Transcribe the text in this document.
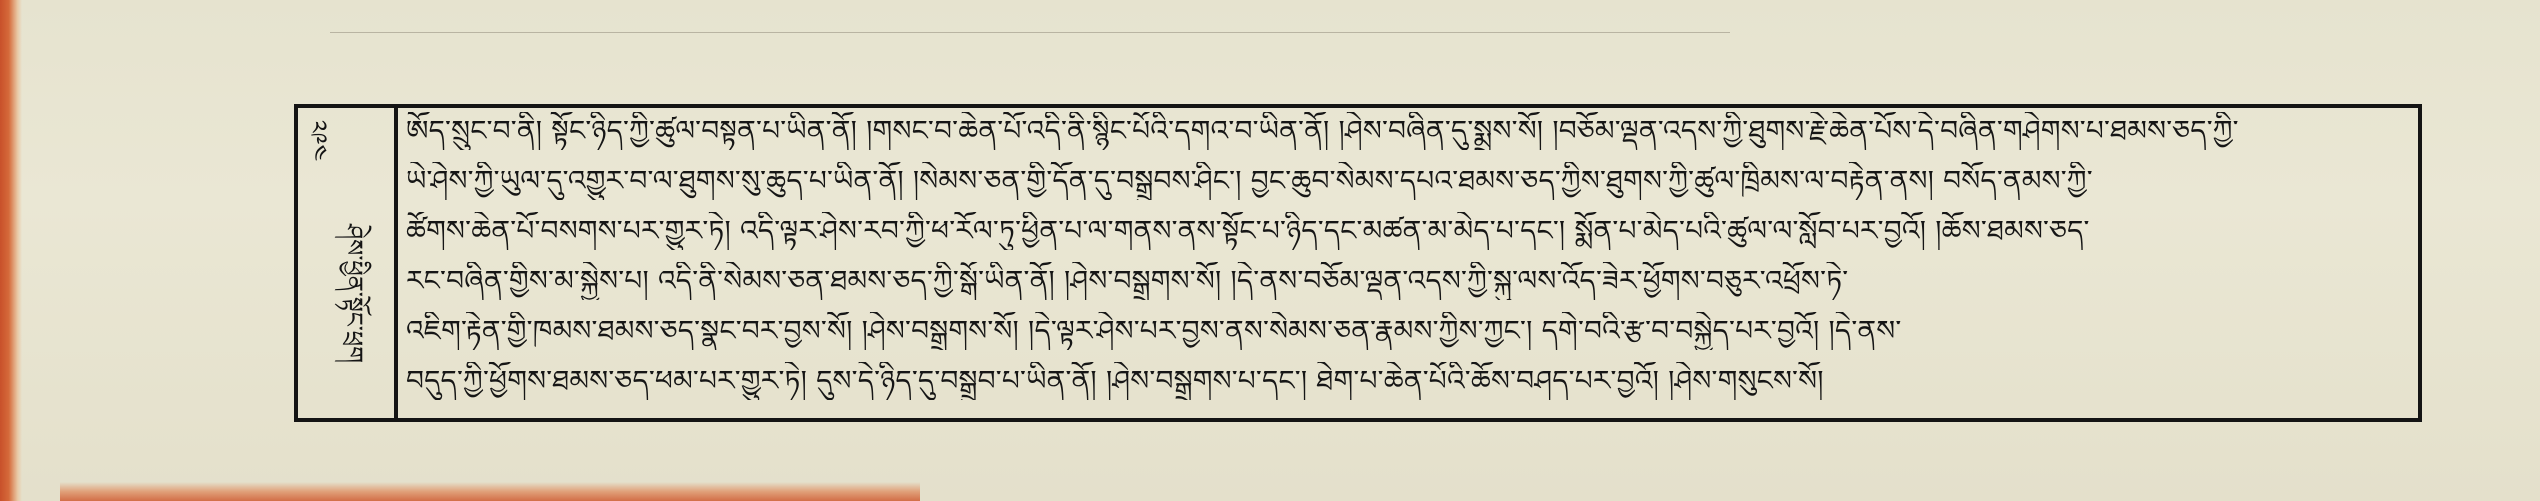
༢༩༤
ཤེས་ཕྱིན་སྟོང་ཕྲག
ཨོད་སྲུང་བ་ནི། སྟོང་ཉིད་ཀྱི་ཚུལ་བསྟན་པ་ཡིན་ནོ། །གསང་བ་ཆེན་པོ་འདི་ནི་སྙིང་པོའི་དགའ་བ་ཡིན་ནོ། །ཤེས་བཞིན་དུ་སྨྲས་སོ། །བཅོམ་ལྡན་འདས་ཀྱི་ཐུགས་རྗེ་ཆེན་པོས་དེ་བཞིན་གཤེགས་པ་ཐམས་ཅད་ཀྱི་
ཡེ་ཤེས་ཀྱི་ཡུལ་དུ་འགྱུར་བ་ལ་ཐུགས་སུ་ཆུད་པ་ཡིན་ནོ། །སེམས་ཅན་གྱི་དོན་དུ་བསྒྲུབས་ཤིང་། བྱང་ཆུབ་སེམས་དཔའ་ཐམས་ཅད་ཀྱིས་ཐུགས་ཀྱི་ཚུལ་ཁྲིམས་ལ་བརྟེན་ནས། བསོད་ནམས་ཀྱི་
ཚོགས་ཆེན་པོ་བསགས་པར་གྱུར་ཏེ། འདི་ལྟར་ཤེས་རབ་ཀྱི་ཕ་རོལ་ཏུ་ཕྱིན་པ་ལ་གནས་ནས་སྟོང་པ་ཉིད་དང་མཚན་མ་མེད་པ་དང་། སྨོན་པ་མེད་པའི་ཚུལ་ལ་སློབ་པར་བྱའོ། །ཆོས་ཐམས་ཅད་
རང་བཞིན་གྱིས་མ་སྐྱེས་པ། འདི་ནི་སེམས་ཅན་ཐམས་ཅད་ཀྱི་སྒོ་ཡིན་ནོ། །ཤེས་བསྒྲགས་སོ། །དེ་ནས་བཅོམ་ལྡན་འདས་ཀྱི་སྐུ་ལས་འོད་ཟེར་ཕྱོགས་བཅུར་འཕྲོས་ཏེ་
འཇིག་རྟེན་གྱི་ཁམས་ཐམས་ཅད་སྣང་བར་བྱས་སོ། །ཤེས་བསྒྲགས་སོ། །དེ་ལྟར་ཤེས་པར་བྱས་ནས་སེམས་ཅན་རྣམས་ཀྱིས་ཀྱང་། དགེ་བའི་རྩ་བ་བསྐྱེད་པར་བྱའོ། །དེ་ནས་
བདུད་ཀྱི་ཕྱོགས་ཐམས་ཅད་ཕམ་པར་གྱུར་ཏེ། དུས་དེ་ཉིད་དུ་བསྒྲུབ་པ་ཡིན་ནོ། །ཤེས་བསྒྲགས་པ་དང་། ཐེག་པ་ཆེན་པོའི་ཆོས་བཤད་པར་བྱའོ། །ཤེས་གསུངས་སོ།
